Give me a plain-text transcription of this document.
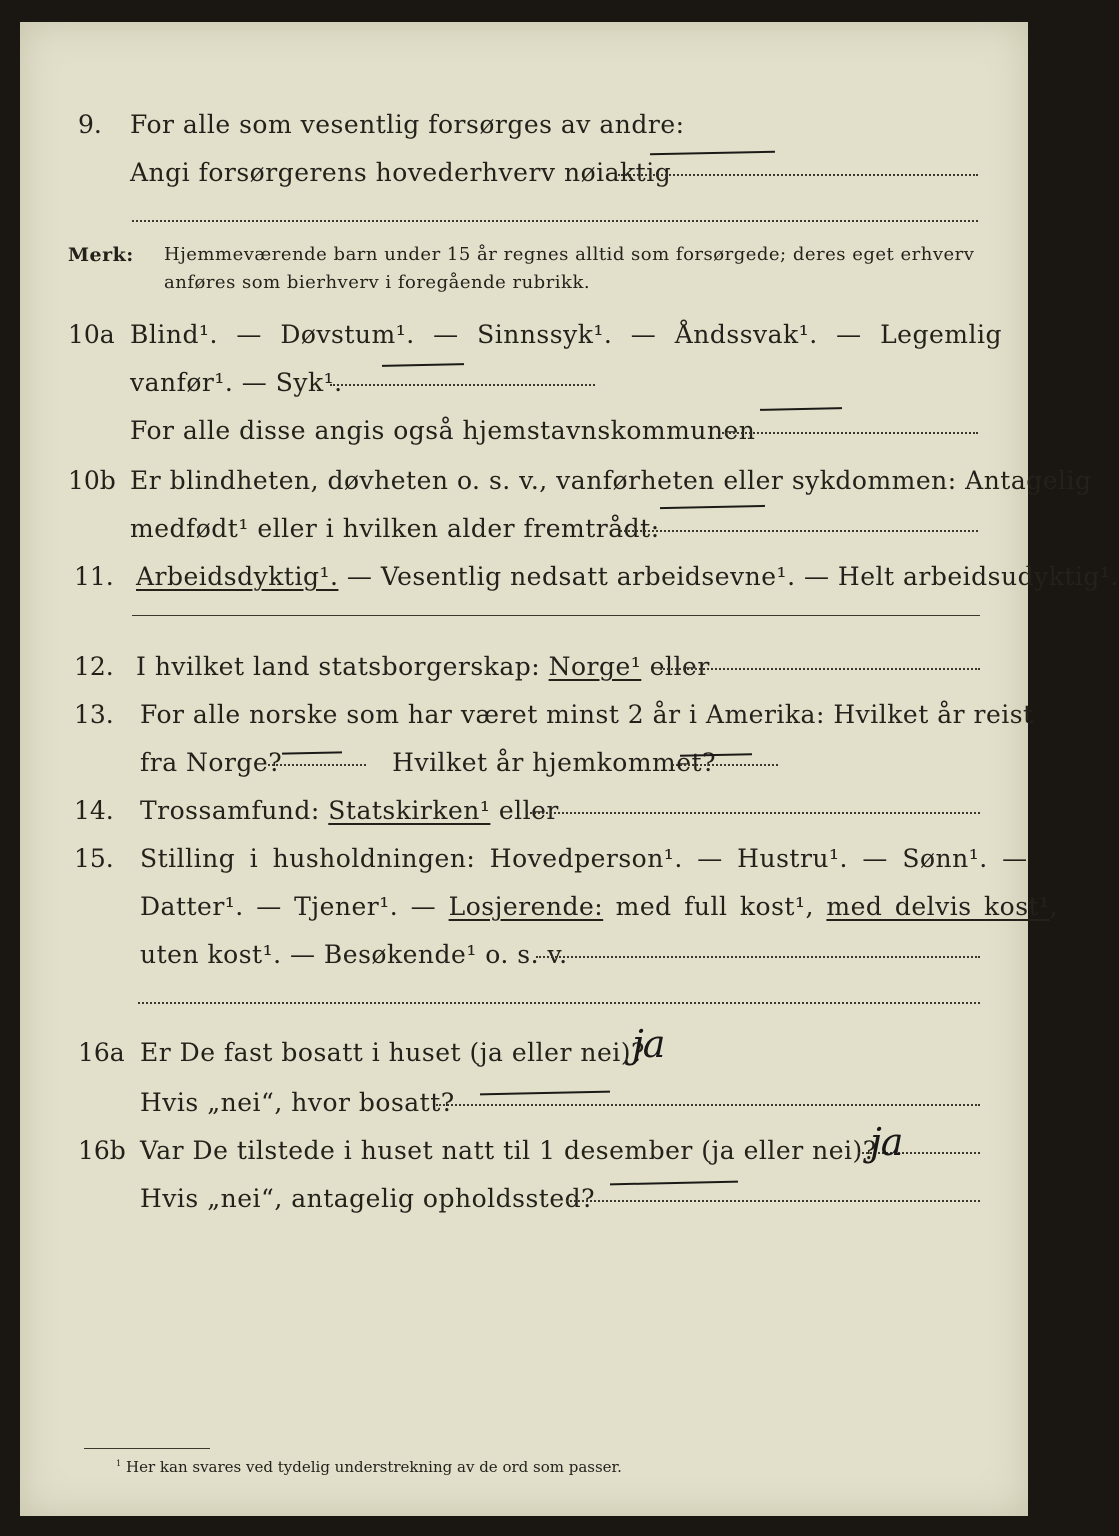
9. For alle som vesentlig forsørges av andre:
Angi forsørgerens hovederhverv nøiaktig
Merk: Hjemmeværende barn under 15 år regnes alltid som forsørgede; deres eget erhverv
anføres som bierhverv i foregående rubrikk.
10a Blind¹. — Døvstum¹. — Sinnssyk¹. — Åndssvak¹. — Legemlig
vanfør¹. — Syk¹.
For alle disse angis også hjemstavnskommunen
10b Er blindheten, døvheten o. s. v., vanførheten eller sykdommen: Antagelig
medfødt¹ eller i hvilken alder fremtrådt:
11. Arbeidsdyktig¹. — Vesentlig nedsatt arbeidsevne¹. — Helt arbeidsudyktig¹.
12. I hvilket land statsborgerskap: Norge¹ eller
13. For alle norske som har været minst 2 år i Amerika: Hvilket år reist
fra Norge?	Hvilket år hjemkommet?
14. Trossamfund: Statskirken¹ eller
15. Stilling i husholdningen: Hovedperson¹. — Hustru¹. — Sønn¹. —
Datter¹. — Tjener¹. — Losjerende: med full kost¹, med delvis kost¹,
uten kost¹. — Besøkende¹ o. s. v.
16a Er De fast bosatt i huset (ja eller nei)?
ja
Hvis „nei“, hvor bosatt?
16b Var De tilstede i huset natt til 1 desember (ja eller nei)?
ja
Hvis „nei“, antagelig opholdssted?
$^1$ Her kan svares ved tydelig understrekning av de ord som passer.
